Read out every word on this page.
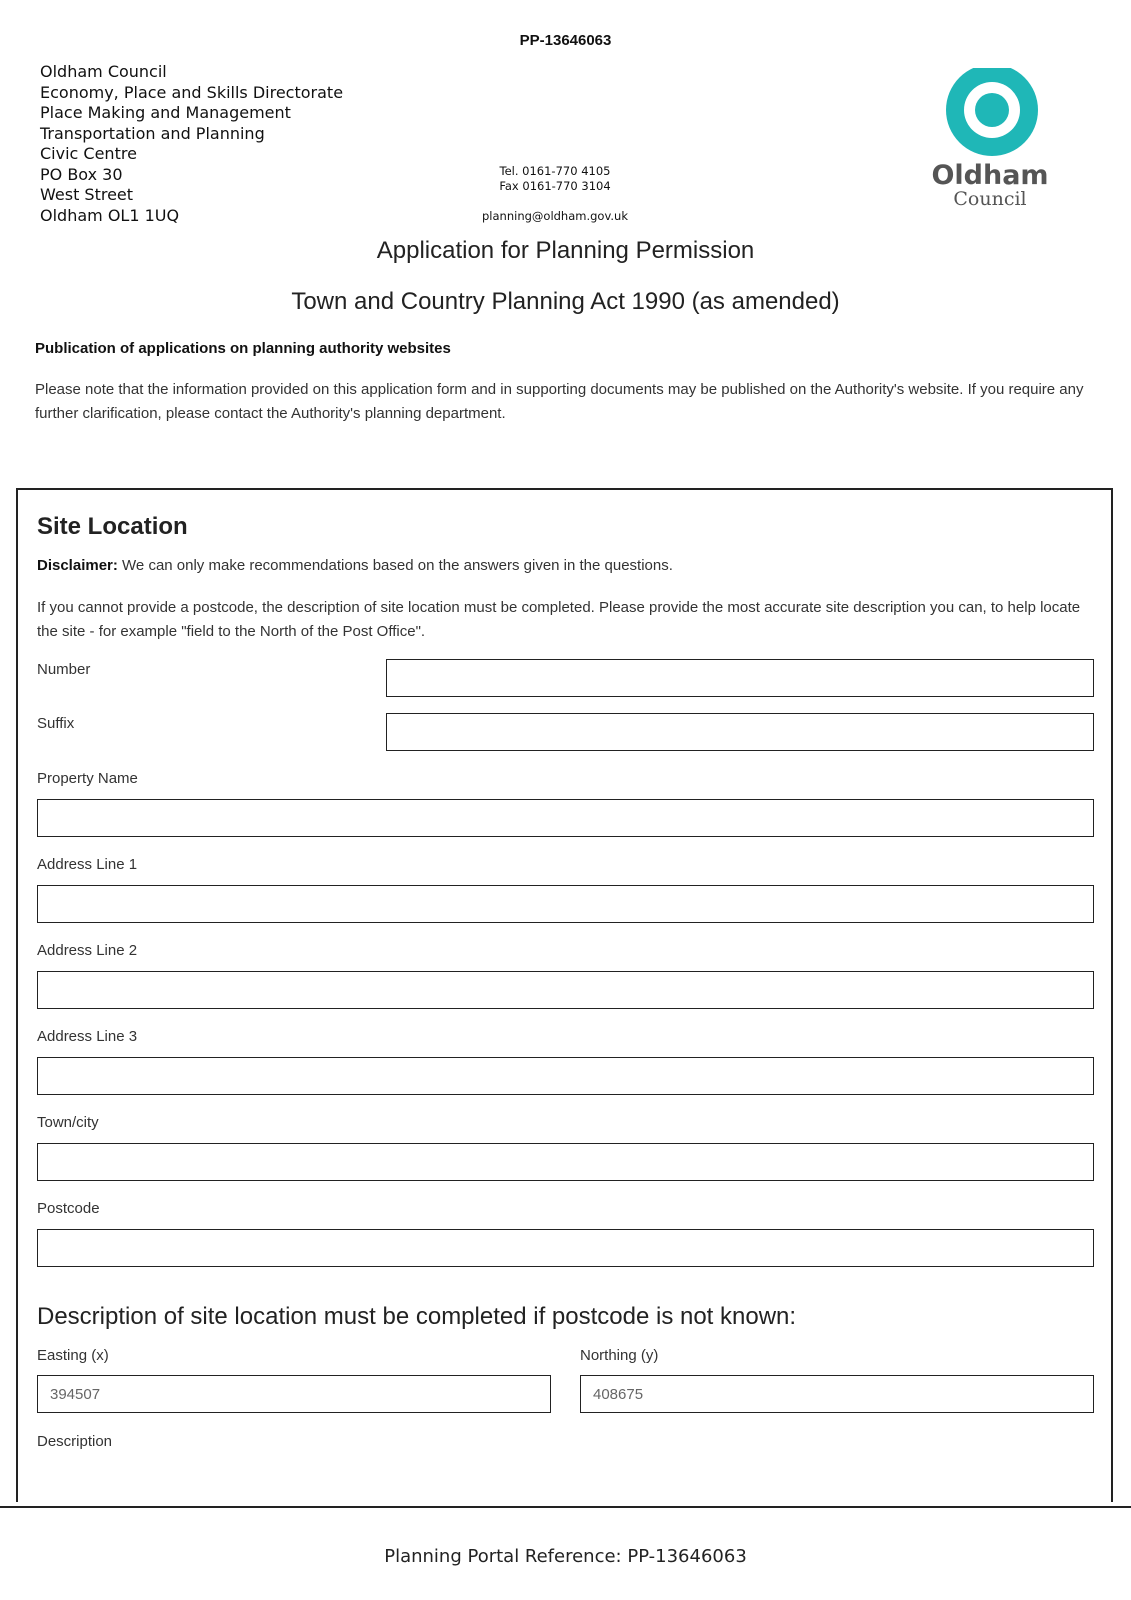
PP-13646063
Oldham Council
Economy, Place and Skills Directorate
Place Making and Management
Transportation and Planning
Civic Centre
PO Box 30
West Street
Oldham OL1 1UQ
Tel. 0161-770 4105
Fax 0161-770 3104
planning@oldham.gov.uk
Oldham
Council
Application for Planning Permission
Town and Country Planning Act 1990 (as amended)
Publication of applications on planning authority websites
Please note that the information provided on this application form and in supporting documents may be published on the Authority's website. If you require any further clarification, please contact the Authority's planning department.
Site Location
Disclaimer: We can only make recommendations based on the answers given in the questions.
If you cannot provide a postcode, the description of site location must be completed. Please provide the most accurate site description you can, to help locate the site - for example "field to the North of the Post Office".
Number
Suffix
Property Name
Address Line 1
Address Line 2
Address Line 3
Town/city
Postcode
Description of site location must be completed if postcode is not known:
Easting (x)
394507	Northing (y)
408675
Description
Planning Portal Reference: PP-13646063
